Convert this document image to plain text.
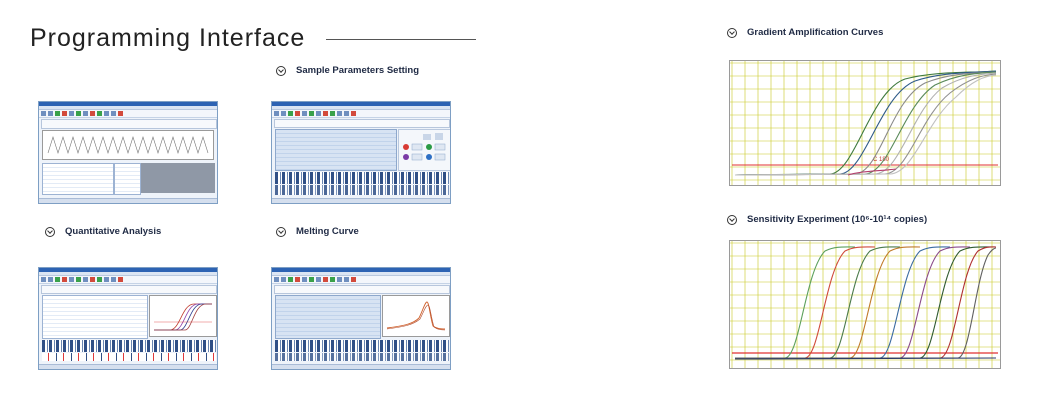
Programming Interface
Sample Parameters Setting
Quantitative Analysis	Melting Curve
Gradient Amplification Curves
C 180
Sensitivity Experiment (10⁶-10¹⁴ copies)
